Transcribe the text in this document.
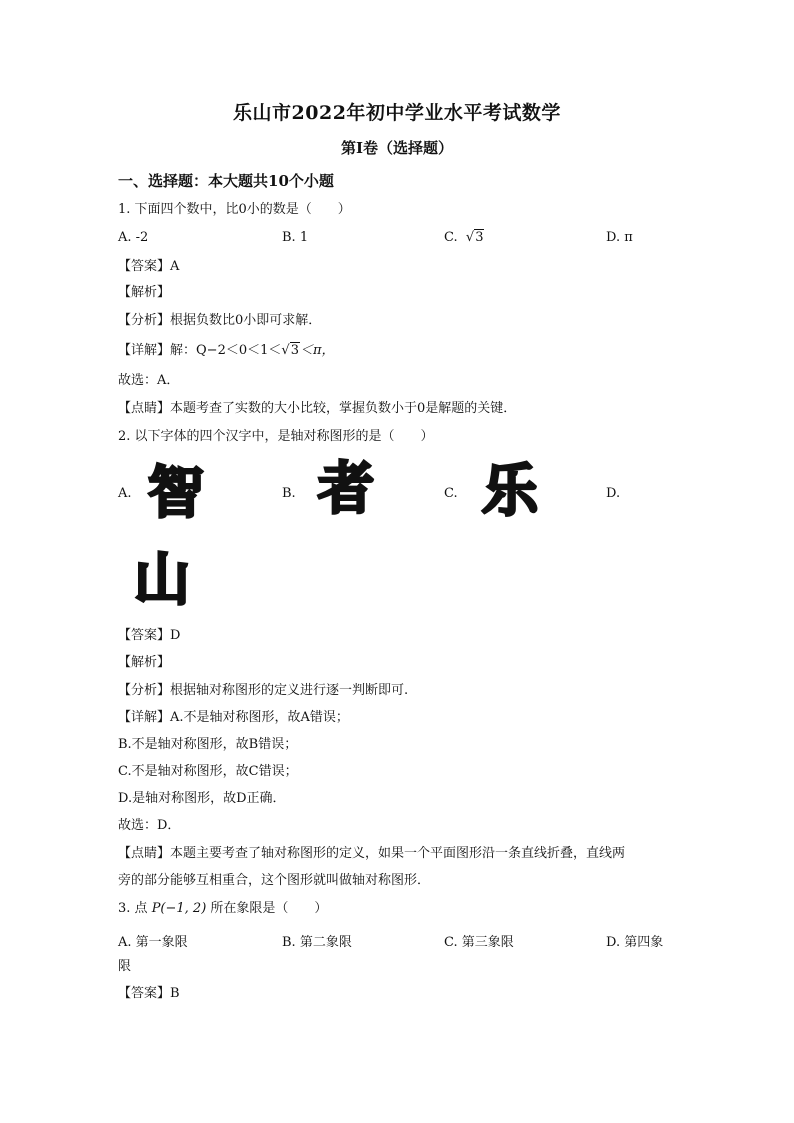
乐山市2022年初中学业水平考试数学
第Ⅰ卷（选择题）
一、选择题：本大题共10个小题
1. 下面四个数中，比0小的数是（　　）
A. -2	B. 1	C.  √3	D. π
【答案】A
【解析】
【分析】根据负数比0小即可求解．
【详解】解：Q−2＜0＜1＜√3＜π，
故选：A．
【点睛】本题考查了实数的大小比较，掌握负数小于0是解题的关键．
2. 以下字体的四个汉字中，是轴对称图形的是（　　）
A. 智	B. 者	C. 乐	D.
山
【答案】D
【解析】
【分析】根据轴对称图形的定义进行逐一判断即可.
【详解】A.不是轴对称图形，故A错误；
B.不是轴对称图形，故B错误；
C.不是轴对称图形，故C错误；
D.是轴对称图形，故D正确．
故选：D．
【点睛】本题主要考查了轴对称图形的定义，如果一个平面图形沿一条直线折叠，直线两
旁的部分能够互相重合，这个图形就叫做轴对称图形．
3. 点 P(−1, 2) 所在象限是（　　）
A. 第一象限	B. 第二象限	C. 第三象限	D. 第四象
限
【答案】B
